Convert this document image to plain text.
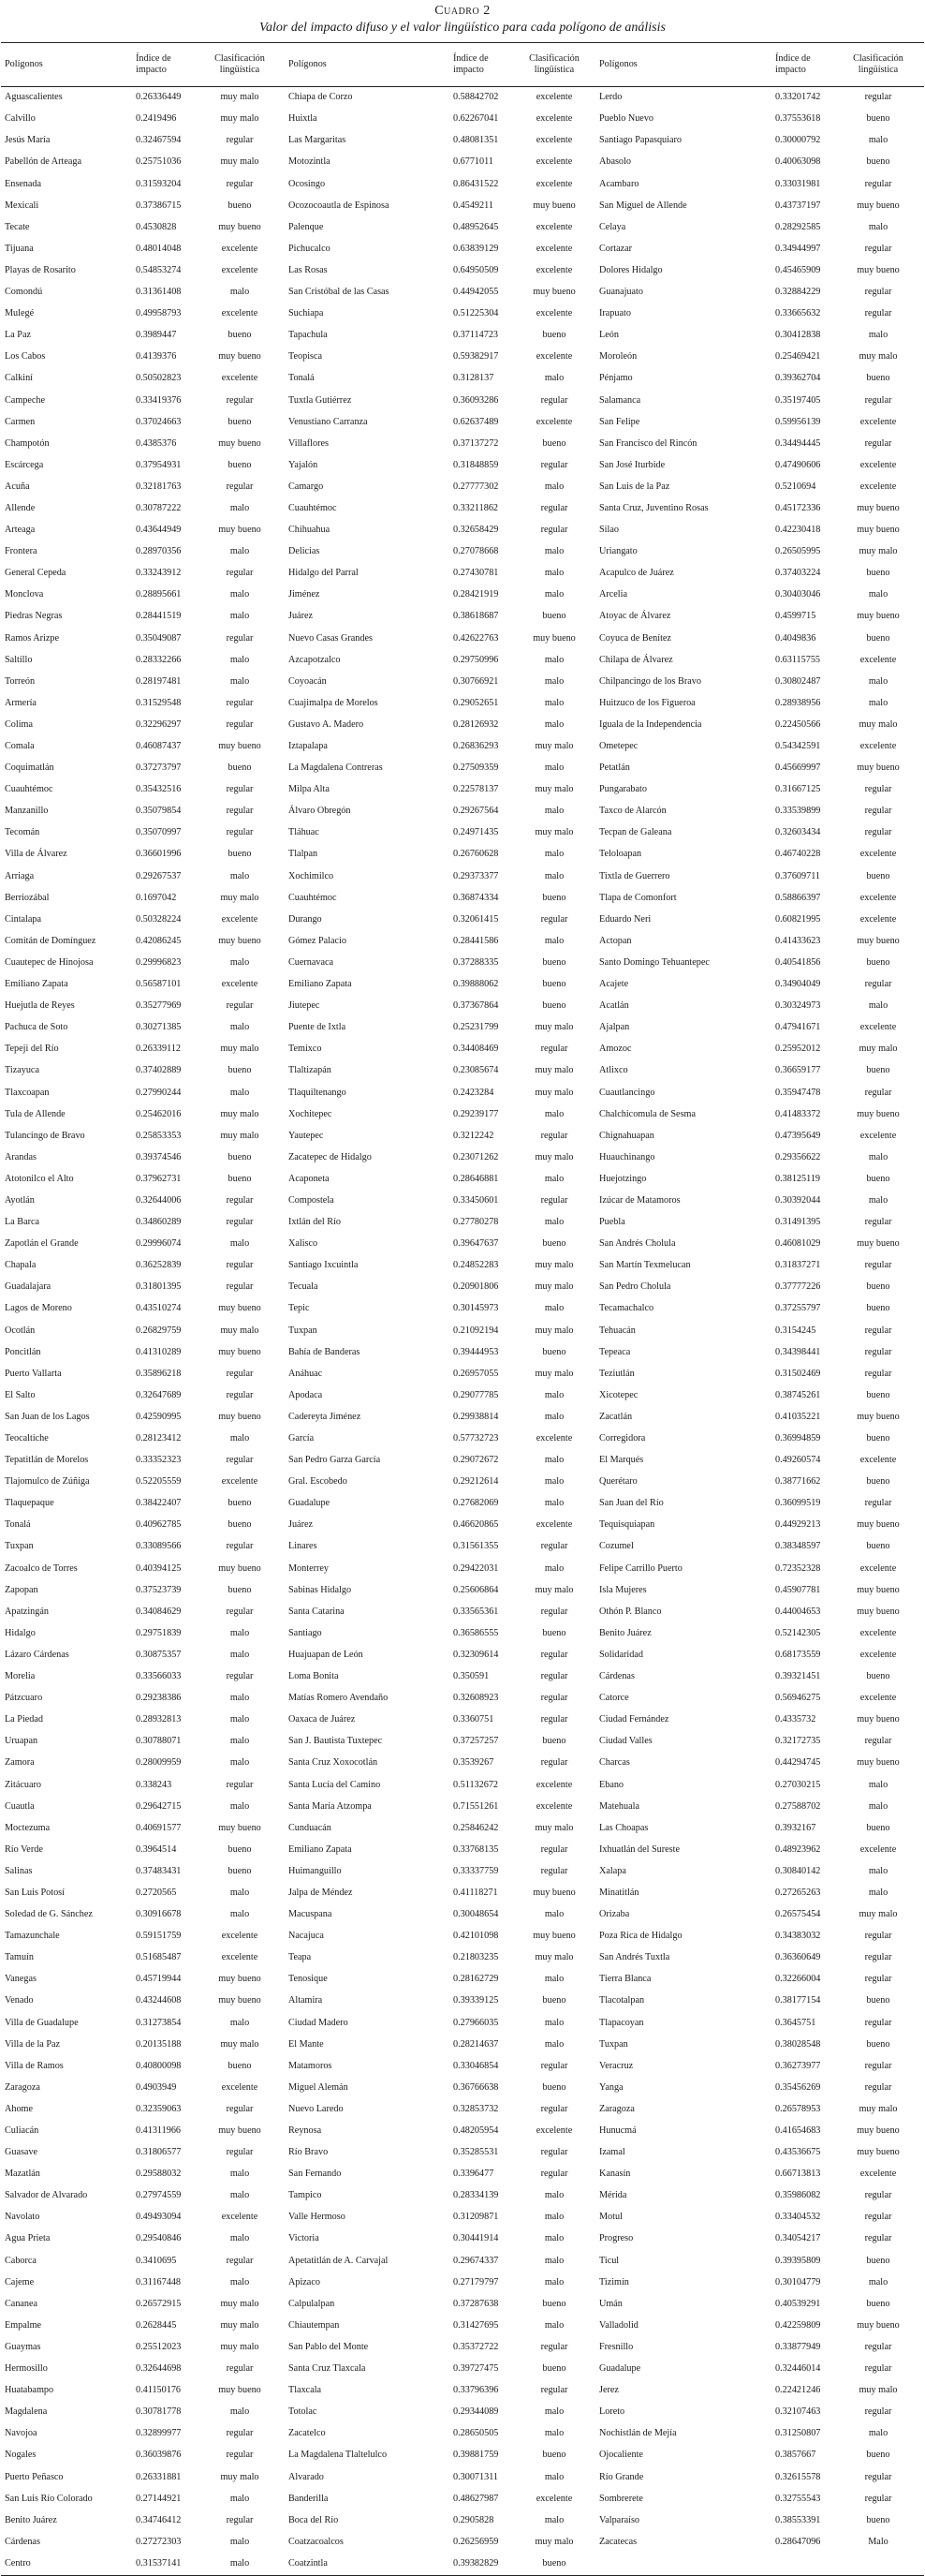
Cuadro 2
Valor del impacto difuso y el valor lingüístico para cada polígono de análisis
Polígonos	Índice de impacto	Clasificación lingüística	Polígonos	Índice de impacto	Clasificación lingüística	Polígonos	Índice de impacto	Clasificación lingüística
Aguascalientes	0.26336449	muy malo	Chiapa de Corzo	0.58842702	excelente	Lerdo	0.33201742	regular
Calvillo	0.2419496	muy malo	Huixtla	0.62267041	excelente	Pueblo Nuevo	0.37553618	bueno
Jesús María	0.32467594	regular	Las Margaritas	0.48081351	excelente	Santiago Papasquiaro	0.30000792	malo
Pabellón de Arteaga	0.25751036	muy malo	Motozintla	0.6771011	excelente	Abasolo	0.40063098	bueno
Ensenada	0.31593204	regular	Ocosingo	0.86431522	excelente	Acambaro	0.33031981	regular
Mexicali	0.37386715	bueno	Ocozocoautla de Espinosa	0.4549211	muy bueno	San Miguel de Allende	0.43737197	muy bueno
Tecate	0.4530828	muy bueno	Palenque	0.48952645	excelente	Celaya	0.28292585	malo
Tijuana	0.48014048	excelente	Pichucalco	0.63839129	excelente	Cortazar	0.34944997	regular
Playas de Rosarito	0.54853274	excelente	Las Rosas	0.64950509	excelente	Dolores Hidalgo	0.45465909	muy bueno
Comondú	0.31361408	malo	San Cristóbal de las Casas	0.44942055	muy bueno	Guanajuato	0.32884229	regular
Mulegé	0.49958793	excelente	Suchiapa	0.51225304	excelente	Irapuato	0.33665632	regular
La Paz	0.3989447	bueno	Tapachula	0.37114723	bueno	León	0.30412838	malo
Los Cabos	0.4139376	muy bueno	Teopisca	0.59382917	excelente	Moroleón	0.25469421	muy malo
Calkiní	0.50502823	excelente	Tonalá	0.3128137	malo	Pénjamo	0.39362704	bueno
Campeche	0.33419376	regular	Tuxtla Gutiérrez	0.36093286	regular	Salamanca	0.35197405	regular
Carmen	0.37024663	bueno	Venustiano Carranza	0.62637489	excelente	San Felipe	0.59956139	excelente
Champotón	0.4385376	muy bueno	Villaflores	0.37137272	bueno	San Francisco del Rincón	0.34494445	regular
Escárcega	0.37954931	bueno	Yajalón	0.31848859	regular	San José Iturbide	0.47490606	excelente
Acuña	0.32181763	regular	Camargo	0.27777302	malo	San Luis de la Paz	0.5210694	excelente
Allende	0.30787222	malo	Cuauhtémoc	0.33211862	regular	Santa Cruz, Juventino Rosas	0.45172336	muy bueno
Arteaga	0.43644949	muy bueno	Chihuahua	0.32658429	regular	Silao	0.42230418	muy bueno
Frontera	0.28970356	malo	Delicias	0.27078668	malo	Uriangato	0.26505995	muy malo
General Cepeda	0.33243912	regular	Hidalgo del Parral	0.27430781	malo	Acapulco de Juárez	0.37403224	bueno
Monclova	0.28895661	malo	Jiménez	0.28421919	malo	Arcelia	0.30403046	malo
Piedras Negras	0.28441519	malo	Juárez	0.38618687	bueno	Atoyac de Álvarez	0.4599715	muy bueno
Ramos Arizpe	0.35049087	regular	Nuevo Casas Grandes	0.42622763	muy bueno	Coyuca de Benítez	0.4049836	bueno
Saltillo	0.28332266	malo	Azcapotzalco	0.29750996	malo	Chilapa de Álvarez	0.63115755	excelente
Torreón	0.28197481	malo	Coyoacán	0.30766921	malo	Chilpancingo de los Bravo	0.30802487	malo
Armería	0.31529548	regular	Cuajimalpa de Morelos	0.29052651	malo	Huitzuco de los Figueroa	0.28938956	malo
Colima	0.32296297	regular	Gustavo A. Madero	0.28126932	malo	Iguala de la Independencia	0.22450566	muy malo
Comala	0.46087437	muy bueno	Iztapalapa	0.26836293	muy malo	Ometepec	0.54342591	excelente
Coquimatlán	0.37273797	bueno	La Magdalena Contreras	0.27509359	malo	Petatlán	0.45669997	muy bueno
Cuauhtémoc	0.35432516	regular	Milpa Alta	0.22578137	muy malo	Pungarabato	0.31667125	regular
Manzanillo	0.35079854	regular	Álvaro Obregón	0.29267564	malo	Taxco de Alarcón	0.33539899	regular
Tecomán	0.35070997	regular	Tláhuac	0.24971435	muy malo	Tecpan de Galeana	0.32603434	regular
Villa de Álvarez	0.36601996	bueno	Tlalpan	0.26760628	malo	Teloloapan	0.46740228	excelente
Arriaga	0.29267537	malo	Xochimilco	0.29373377	malo	Tixtla de Guerrero	0.37609711	bueno
Berriozábal	0.1697042	muy malo	Cuauhtémoc	0.36874334	bueno	Tlapa de Comonfort	0.58866397	excelente
Cintalapa	0.50328224	excelente	Durango	0.32061415	regular	Eduardo Neri	0.60821995	excelente
Comitán de Domínguez	0.42086245	muy bueno	Gómez Palacio	0.28441586	malo	Actopan	0.41433623	muy bueno
Cuautepec de Hinojosa	0.29996823	malo	Cuernavaca	0.37288335	bueno	Santo Domingo Tehuantepec	0.40541856	bueno
Emiliano Zapata	0.56587101	excelente	Emiliano Zapata	0.39888062	bueno	Acajete	0.34904049	regular
Huejutla de Reyes	0.35277969	regular	Jiutepec	0.37367864	bueno	Acatlán	0.30324973	malo
Pachuca de Soto	0.30271385	malo	Puente de Ixtla	0.25231799	muy malo	Ajalpan	0.47941671	excelente
Tepeji del Río	0.26339112	muy malo	Temixco	0.34408469	regular	Amozoc	0.25952012	muy malo
Tizayuca	0.37402889	bueno	Tlaltizapán	0.23085674	muy malo	Atlixco	0.36659177	bueno
Tlaxcoapan	0.27990244	malo	Tlaquiltenango	0.2423284	muy malo	Cuautlancingo	0.35947478	regular
Tula de Allende	0.25462016	muy malo	Xochitepec	0.29239177	malo	Chalchicomula de Sesma	0.41483372	muy bueno
Tulancingo de Bravo	0.25853353	muy malo	Yautepec	0.3212242	regular	Chignahuapan	0.47395649	excelente
Arandas	0.39374546	bueno	Zacatepec de Hidalgo	0.23071262	muy malo	Huauchinango	0.29356622	malo
Atotonilco el Alto	0.37962731	bueno	Acaponeta	0.28646881	malo	Huejotzingo	0.38125119	bueno
Ayotlán	0.32644006	regular	Compostela	0.33450601	regular	Izúcar de Matamoros	0.30392044	malo
La Barca	0.34860289	regular	Ixtlán del Río	0.27780278	malo	Puebla	0.31491395	regular
Zapotlán el Grande	0.29996074	malo	Xalisco	0.39647637	bueno	San Andrés Cholula	0.46081029	muy bueno
Chapala	0.36252839	regular	Santiago Ixcuintla	0.24852283	muy malo	San Martín Texmelucan	0.31837271	regular
Guadalajara	0.31801395	regular	Tecuala	0.20901806	muy malo	San Pedro Cholula	0.37777226	bueno
Lagos de Moreno	0.43510274	muy bueno	Tepic	0.30145973	malo	Tecamachalco	0.37255797	bueno
Ocotlán	0.26829759	muy malo	Tuxpan	0.21092194	muy malo	Tehuacán	0.3154245	regular
Poncitlán	0.41310289	muy bueno	Bahía de Banderas	0.39444953	bueno	Tepeaca	0.34398441	regular
Puerto Vallarta	0.35896218	regular	Anáhuac	0.26957055	muy malo	Teziutlán	0.31502469	regular
El Salto	0.32647689	regular	Apodaca	0.29077785	malo	Xicotepec	0.38745261	bueno
San Juan de los Lagos	0.42590995	muy bueno	Cadereyta Jiménez	0.29938814	malo	Zacatlán	0.41035221	muy bueno
Teocaltiche	0.28123412	malo	García	0.57732723	excelente	Corregidora	0.36994859	bueno
Tepatitlán de Morelos	0.33352323	regular	San Pedro Garza García	0.29072672	malo	El Marqués	0.49260574	excelente
Tlajomulco de Zúñiga	0.52205559	excelente	Gral. Escobedo	0.29212614	malo	Querétaro	0.38771662	bueno
Tlaquepaque	0.38422407	bueno	Guadalupe	0.27682069	malo	San Juan del Río	0.36099519	regular
Tonalá	0.40962785	bueno	Juárez	0.46620865	excelente	Tequisquiapan	0.44929213	muy bueno
Tuxpan	0.33089566	regular	Linares	0.31561355	regular	Cozumel	0.38348597	bueno
Zacoalco de Torres	0.40394125	muy bueno	Monterrey	0.29422031	malo	Felipe Carrillo Puerto	0.72352328	excelente
Zapopan	0.37523739	bueno	Sabinas Hidalgo	0.25606864	muy malo	Isla Mujeres	0.45907781	muy bueno
Apatzingán	0.34084629	regular	Santa Catarina	0.33565361	regular	Othón P. Blanco	0.44004653	muy bueno
Hidalgo	0.29751839	malo	Santiago	0.36586555	bueno	Benito Juárez	0.52142305	excelente
Lázaro Cárdenas	0.30875357	malo	Huajuapan de León	0.32309614	regular	Solidaridad	0.68173559	excelente
Morelia	0.33566033	regular	Loma Bonita	0.350591	regular	Cárdenas	0.39321451	bueno
Pátzcuaro	0.29238386	malo	Matías Romero Avendaño	0.32608923	regular	Catorce	0.56946275	excelente
La Piedad	0.28932813	malo	Oaxaca de Juárez	0.3360751	regular	Ciudad Fernández	0.4335732	muy bueno
Uruapan	0.30788071	malo	San J. Bautista Tuxtepec	0.37257257	bueno	Ciudad Valles	0.32172735	regular
Zamora	0.28009959	malo	Santa Cruz Xoxocotlán	0.3539267	regular	Charcas	0.44294745	muy bueno
Zitácuaro	0.338243	regular	Santa Lucía del Camino	0.51132672	excelente	Ebano	0.27030215	malo
Cuautla	0.29642715	malo	Santa María Atzompa	0.71551261	excelente	Matehuala	0.27588702	malo
Moctezuma	0.40691577	muy bueno	Cunduacán	0.25846242	muy malo	Las Choapas	0.3932167	bueno
Río Verde	0.3964514	bueno	Emiliano Zapata	0.33768135	regular	Ixhuatlán del Sureste	0.48923962	excelente
Salinas	0.37483431	bueno	Huimanguillo	0.33337759	regular	Xalapa	0.30840142	malo
San Luis Potosí	0.2720565	malo	Jalpa de Méndez	0.41118271	muy bueno	Minatitlán	0.27265263	malo
Soledad de G. Sánchez	0.30916678	malo	Macuspana	0.30048654	malo	Orizaba	0.26575454	muy malo
Tamazunchale	0.59151759	excelente	Nacajuca	0.42101098	muy bueno	Poza Rica de Hidalgo	0.34383032	regular
Tamuín	0.51685487	excelente	Teapa	0.21803235	muy malo	San Andrés Tuxtla	0.36360649	regular
Vanegas	0.45719944	muy bueno	Tenosique	0.28162729	malo	Tierra Blanca	0.32266004	regular
Venado	0.43244608	muy bueno	Altamira	0.39339125	bueno	Tlacotalpan	0.38177154	bueno
Villa de Guadalupe	0.31273854	malo	Ciudad Madero	0.27966035	malo	Tlapacoyan	0.3645751	regular
Villa de la Paz	0.20135188	muy malo	El Mante	0.28214637	malo	Tuxpan	0.38028548	bueno
Villa de Ramos	0.40800098	bueno	Matamoros	0.33046854	regular	Veracruz	0.36273977	regular
Zaragoza	0.4903949	excelente	Miguel Alemán	0.36766638	bueno	Yanga	0.35456269	regular
Ahome	0.32359063	regular	Nuevo Laredo	0.32853732	regular	Zaragoza	0.26578953	muy malo
Culiacán	0.41311966	muy bueno	Reynosa	0.48205954	excelente	Hunucmá	0.41654683	muy bueno
Guasave	0.31806577	regular	Río Bravo	0.35285531	regular	Izamal	0.43536675	muy bueno
Mazatlán	0.29588032	malo	San Fernando	0.3396477	regular	Kanasín	0.66713813	excelente
Salvador de Alvarado	0.27974559	malo	Tampico	0.28334139	malo	Mérida	0.35986082	regular
Navolato	0.49493094	excelente	Valle Hermoso	0.31209871	malo	Motul	0.33404532	regular
Agua Prieta	0.29540846	malo	Victoria	0.30441914	malo	Progreso	0.34054217	regular
Caborca	0.3410695	regular	Apetatitlán de A. Carvajal	0.29674337	malo	Ticul	0.39395809	bueno
Cajeme	0.31167448	malo	Apizaco	0.27179797	malo	Tizimín	0.30104779	malo
Cananea	0.26572915	muy malo	Calpulalpan	0.37287638	bueno	Umán	0.40539291	bueno
Empalme	0.2628445	muy malo	Chiautempan	0.31427695	malo	Valladolid	0.42259809	muy bueno
Guaymas	0.25512023	muy malo	San Pablo del Monte	0.35372722	regular	Fresnillo	0.33877949	regular
Hermosillo	0.32644698	regular	Santa Cruz Tlaxcala	0.39727475	bueno	Guadalupe	0.32446014	regular
Huatabampo	0.41150176	muy bueno	Tlaxcala	0.33796396	regular	Jerez	0.22421246	muy malo
Magdalena	0.30781778	malo	Totolac	0.29344089	malo	Loreto	0.32107463	regular
Navojoa	0.32899977	regular	Zacatelco	0.28650505	malo	Nochistlán de Mejía	0.31250807	malo
Nogales	0.36039876	regular	La Magdalena Tlaltelulco	0.39881759	bueno	Ojocaliente	0.3857667	bueno
Puerto Peñasco	0.26331881	muy malo	Alvarado	0.30071311	malo	Río Grande	0.32615578	regular
San Luis Río Colorado	0.27144921	malo	Banderilla	0.48627987	excelente	Sombrerete	0.32755543	regular
Benito Juárez	0.34746412	regular	Boca del Río	0.2905828	malo	Valparaíso	0.38553391	bueno
Cárdenas	0.27272303	malo	Coatzacoalcos	0.26256959	muy malo	Zacatecas	0.28647096	Malo
Centro	0.31537141	malo	Coatzintla	0.39382829	bueno			
